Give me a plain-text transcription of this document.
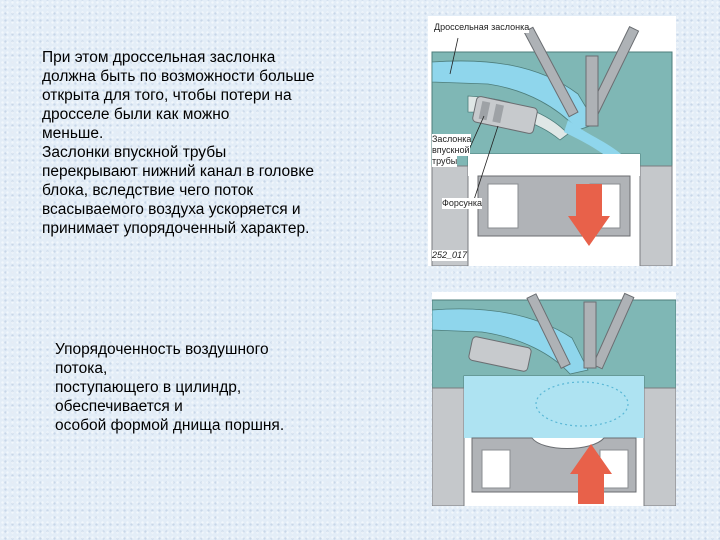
При этом дроссельная заслонка

должна быть по возможности больше

открыта для того, чтобы потери на

дросселе были как можно

меньше.

Заслонки впускной трубы

перекрывают нижний канал в головке

блока, вследствие чего поток

всасываемого воздуха ускоряется и

принимает упорядоченный характер.

Упорядоченность воздушного

потока,

поступающего в цилиндр,

обеспечивается и

особой формой днища поршня.

Дроссельная заслонка
Заслонка
впускной
трубы
Форсунка
252_017
